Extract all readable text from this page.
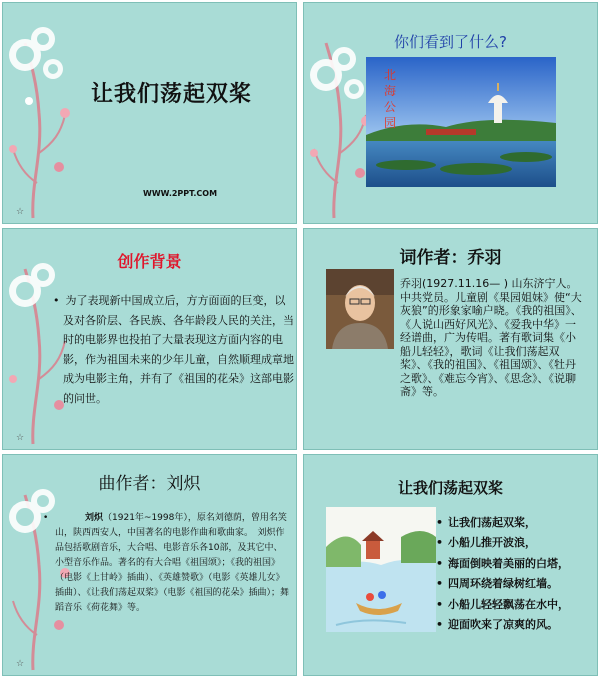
让我们荡起双桨
WWW.2PPT.COM
☆
你们看到了什么?
北
海
公
园
创作背景
• 为了表现新中国成立后，方方面面的巨变，以及对各阶层、各民族、各年龄段人民的关注，当时的电影界也投拍了大量表现这方面内容的电影，作为祖国未来的少年儿童，自然顺理成章地成为电影主角，并有了《祖国的花朵》这部电影的问世。
☆
词作者：乔羽
乔羽(1927.11.16— ) 山东济宁人。中共党员。儿童剧《果园姐妹》使“大灰狼”的形象家喻户晓。《我的祖国》、《人说山西好风光》、《爱我中华》一经谱曲，广为传唱。著有歌词集《小船儿轻轻》，歌词《让我们荡起双桨》、《我的祖国》、《祖国颂》、《牡丹之歌》、《难忘今宵》、《思念》、《说聊斋》等。
曲作者：刘炽
•	刘炽（1921年~1998年），原名刘德荫，曾用名笑山，陕西西安人，中国著名的电影作曲和歌曲家。　刘炽作品包括歌剧音乐，大合唱、电影音乐各10部，及其它中、小型音乐作品。著名的有大合唱《祖国颂》；《我的祖国》（电影《上甘岭》插曲）、《英雄赞歌》（电影《英雄儿女》插曲）、《让我们荡起双桨》（电影《祖国的花朵》插曲）；舞蹈音乐《荷花舞》等。
☆
让我们荡起双桨
• 让我们荡起双桨，
• 小船儿推开波浪，
• 海面倒映着美丽的白塔，
• 四周环绕着绿树红墙。
• 小船儿轻轻飘荡在水中，
• 迎面吹来了凉爽的风。
